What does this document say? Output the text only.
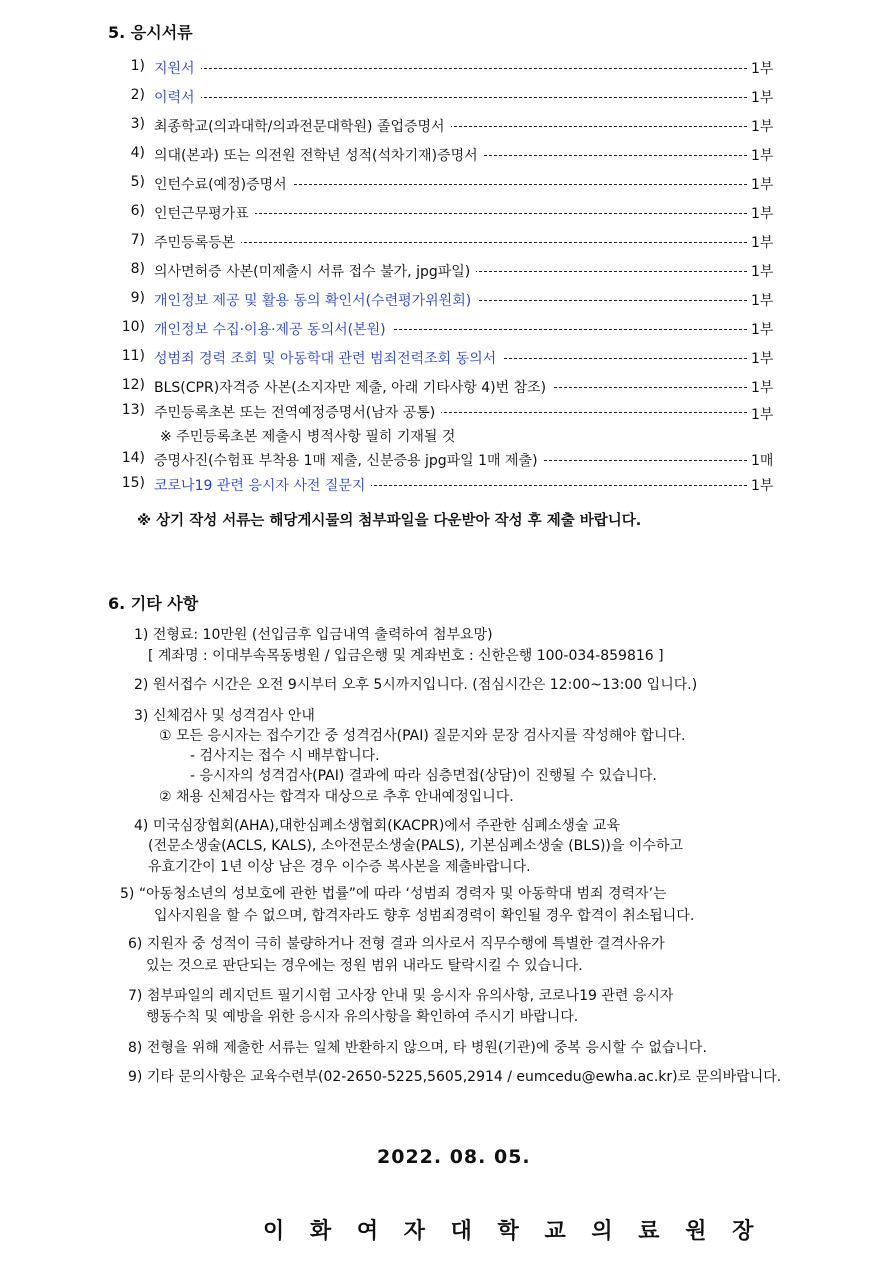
5. 응시서류
1) 지원서	1부
2) 이력서	1부
3) 최종학교(의과대학/의과전문대학원) 졸업증명서	1부
4) 의대(본과) 또는 의전원 전학년 성적(석차기재)증명서	1부
5) 인턴수료(예정)증명서	1부
6) 인턴근무평가표	1부
7) 주민등록등본	1부
8) 의사면허증 사본(미제출시 서류 접수 불가, jpg파일)	1부
9) 개인정보 제공 및 활용 동의 확인서(수련평가위원회)	1부
10) 개인정보 수집·이용·제공 동의서(본원)	1부
11) 성범죄 경력 조회 및 아동학대 관련 범죄전력조회 동의서	1부
12) BLS(CPR)자격증 사본(소지자만 제출, 아래 기타사항 4)번 참조)	1부
13) 주민등록초본 또는 전역예정증명서(남자 공통)	1부
※ 주민등록초본 제출시 병적사항 필히 기재될 것
14) 증명사진(수험표 부착용 1매 제출, 신분증용 jpg파일 1매 제출)	1매
15) 코로나19 관련 응시자 사전 질문지	1부
※ 상기 작성 서류는 해당게시물의 첨부파일을 다운받아 작성 후 제출 바랍니다.
6. 기타 사항
1) 전형료: 10만원 (선입금후 입금내역 출력하여 첨부요망)
[ 계좌명 : 이대부속목동병원 / 입금은행 및 계좌번호 : 신한은행 100-034-859816 ]
2) 원서접수 시간은 오전 9시부터 오후 5시까지입니다. (점심시간은 12:00~13:00 입니다.)
3) 신체검사 및 성격검사 안내
① 모든 응시자는 접수기간 중 성격검사(PAI) 질문지와 문장 검사지를 작성해야 합니다.
- 검사지는 접수 시 배부합니다.
- 응시자의 성격검사(PAI) 결과에 따라 심층면접(상담)이 진행될 수 있습니다.
② 채용 신체검사는 합격자 대상으로 추후 안내예정입니다.
4) 미국심장협회(AHA),대한심폐소생협회(KACPR)에서 주관한 심폐소생술 교육
(전문소생술(ACLS, KALS), 소아전문소생술(PALS), 기본심폐소생술 (BLS))을 이수하고
유효기간이 1년 이상 남은 경우 이수증 복사본을 제출바랍니다.
5) “아동청소년의 성보호에 관한 법률”에 따라 ‘성범죄 경력자 및 아동학대 범죄 경력자’는
입사지원을 할 수 없으며, 합격자라도 향후 성범죄경력이 확인될 경우 합격이 취소됩니다.
6) 지원자 중 성적이 극히 불량하거나 전형 결과 의사로서 직무수행에 특별한 결격사유가
있는 것으로 판단되는 경우에는 정원 범위 내라도 탈락시킬 수 있습니다.
7) 첨부파일의 레지던트 필기시험 고사장 안내 및 응시자 유의사항, 코로나19 관련 응시자
행동수칙 및 예방을 위한 응시자 유의사항을 확인하여 주시기 바랍니다.
8) 전형을 위해 제출한 서류는 일체 반환하지 않으며, 타 병원(기관)에 중복 응시할 수 없습니다.
9) 기타 문의사항은 교육수련부(02-2650-5225,5605,2914 / eumcedu@ewha.ac.kr)로 문의바랍니다.
2022. 08. 05.
이 화 여 자 대 학 교 의 료 원 장
